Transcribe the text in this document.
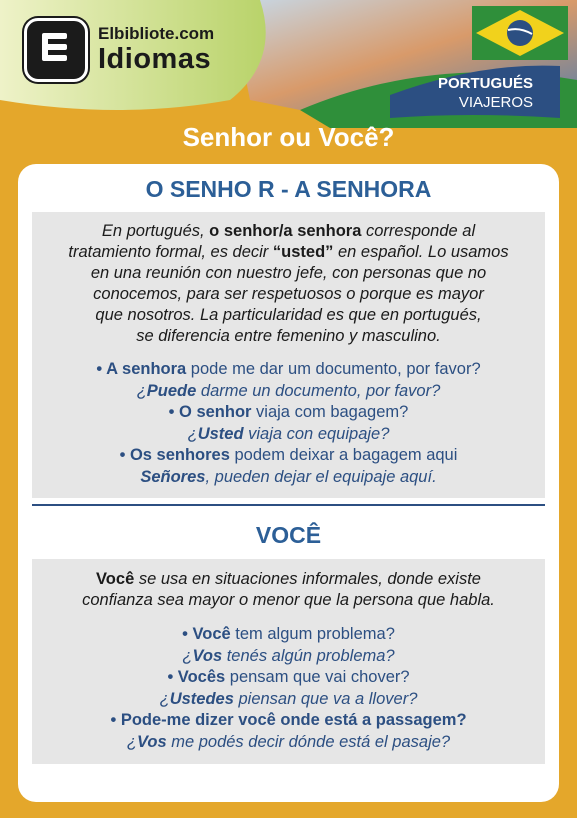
Elbibliote.com
Idiomas
PORTUGUÉS
VIAJEROS
Senhor ou Você?
O SENHO R - A SENHORA
En portugués, o senhor/a senhora corresponde al
tratamiento formal, es decir “usted” en español. Lo usamos
en una reunión con nuestro jefe, con personas que no
conocemos, para ser respetuosos o porque es mayor
que nosotros. La particularidad es que en portugués,
se diferencia entre femenino y masculino.
• A senhora pode me dar um documento, por favor?
¿Puede darme un documento, por favor?
• O senhor viaja com bagagem?
¿Usted viaja con equipaje?
• Os senhores podem deixar a bagagem aqui
Señores, pueden dejar el equipaje aquí.
VOCÊ
Você se usa en situaciones informales, donde existe
confianza sea mayor o menor que la persona que habla.
• Você tem algum problema?
¿Vos tenés algún problema?
• Vocês pensam que vai chover?
¿Ustedes piensan que va a llover?
• Pode-me dizer você onde está a passagem?
¿Vos me podés decir dónde está el pasaje?
